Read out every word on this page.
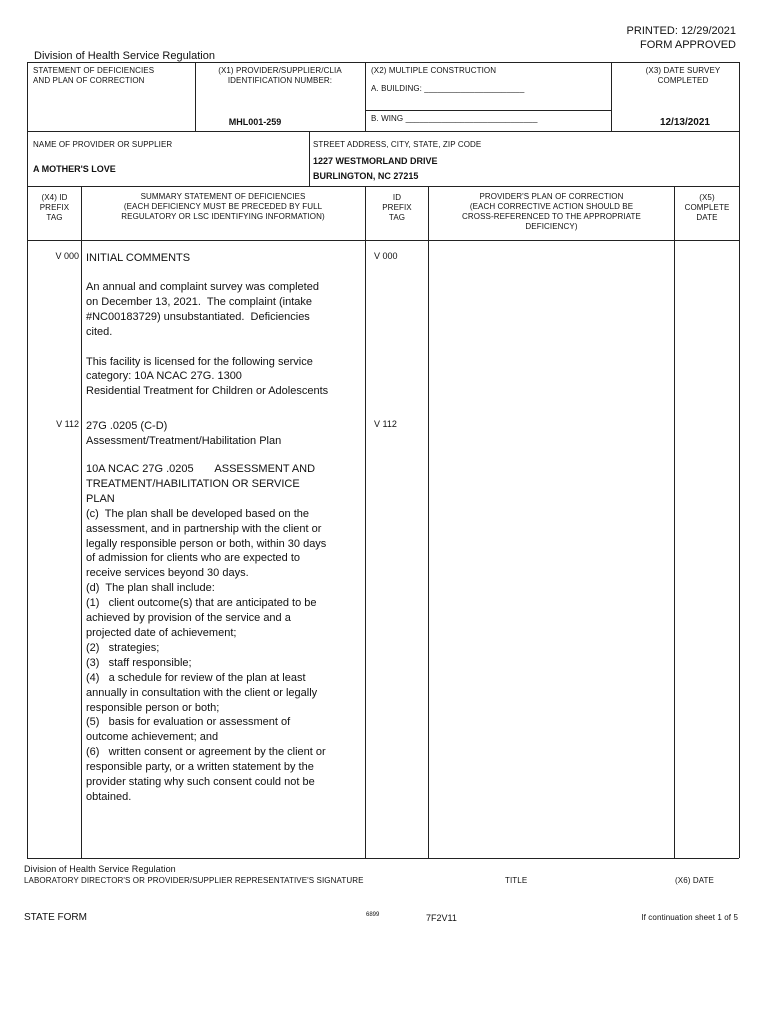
PRINTED: 12/29/2021
FORM APPROVED
Division of Health Service Regulation
STATEMENT OF DEFICIENCIES
AND PLAN OF CORRECTION
(X1) PROVIDER/SUPPLIER/CLIA
IDENTIFICATION NUMBER:
MHL001-259
(X2) MULTIPLE CONSTRUCTION
A. BUILDING: ______________________
B. WING _____________________________
(X3) DATE SURVEY
COMPLETED
12/13/2021
NAME OF PROVIDER OR SUPPLIER
A MOTHER'S LOVE
STREET ADDRESS, CITY, STATE, ZIP CODE
1227 WESTMORLAND DRIVE
BURLINGTON, NC 27215
(X4) ID
PREFIX
TAG
SUMMARY STATEMENT OF DEFICIENCIES
(EACH DEFICIENCY MUST BE PRECEDED BY FULL
REGULATORY OR LSC IDENTIFYING INFORMATION)
ID
PREFIX
TAG
PROVIDER'S PLAN OF CORRECTION
(EACH CORRECTIVE ACTION SHOULD BE
CROSS-REFERENCED TO THE APPROPRIATE
DEFICIENCY)
(X5)
COMPLETE
DATE
V 000	V 000
INITIAL COMMENTS
An annual and complaint survey was completed
on December 13, 2021.  The complaint (intake
#NC00183729) unsubstantiated.  Deficiencies
cited.

This facility is licensed for the following service
category: 10A NCAC 27G. 1300
Residential Treatment for Children or Adolescents
V 112	V 112
27G .0205 (C-D)
Assessment/Treatment/Habilitation Plan
10A NCAC 27G .0205       ASSESSMENT AND
TREATMENT/HABILITATION OR SERVICE
PLAN
(c)  The plan shall be developed based on the
assessment, and in partnership with the client or
legally responsible person or both, within 30 days
of admission for clients who are expected to
receive services beyond 30 days.
(d)  The plan shall include:
(1)   client outcome(s) that are anticipated to be
achieved by provision of the service and a
projected date of achievement;
(2)   strategies;
(3)   staff responsible;
(4)   a schedule for review of the plan at least
annually in consultation with the client or legally
responsible person or both;
(5)   basis for evaluation or assessment of
outcome achievement; and
(6)   written consent or agreement by the client or
responsible party, or a written statement by the
provider stating why such consent could not be
obtained.
Division of Health Service Regulation
LABORATORY DIRECTOR'S OR PROVIDER/SUPPLIER REPRESENTATIVE'S SIGNATURE	TITLE	(X6) DATE
STATE FORM	6899	7F2V11	If continuation sheet 1 of 5
